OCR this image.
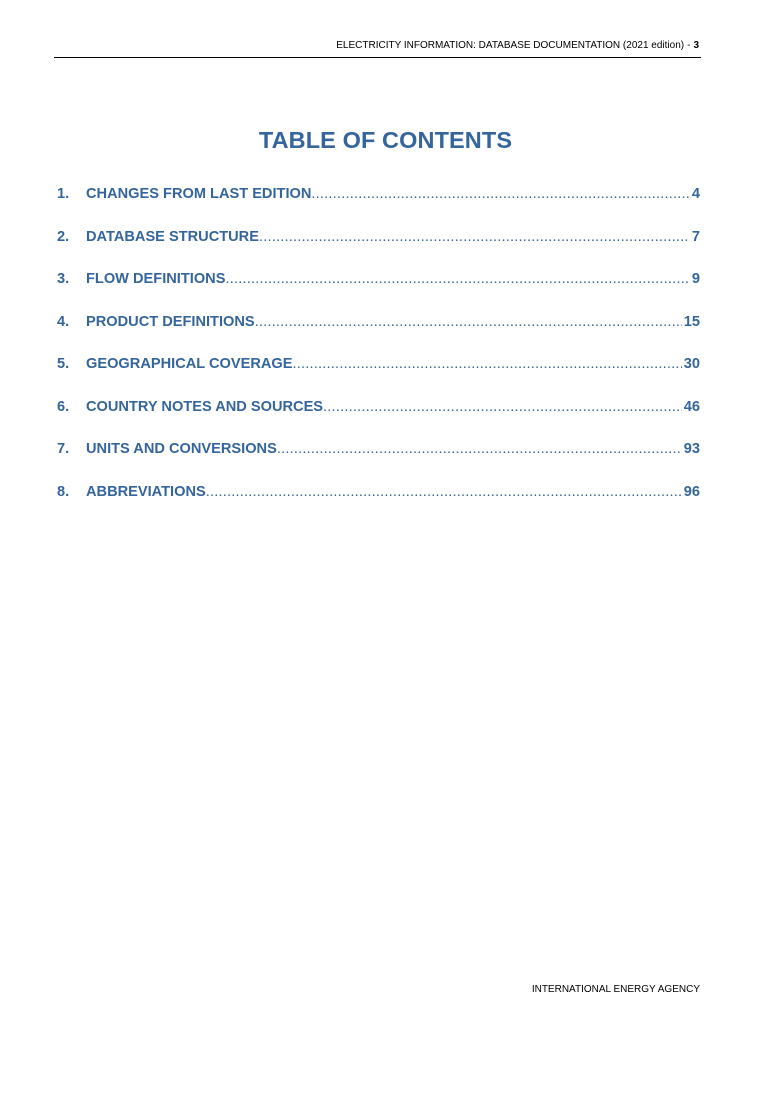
ELECTRICITY INFORMATION: DATABASE DOCUMENTATION (2021 edition) - 3
TABLE OF CONTENTS
1.	CHANGES FROM LAST EDITION .....	4
2.	DATABASE STRUCTURE .....	7
3.	FLOW DEFINITIONS .....	9
4.	PRODUCT DEFINITIONS .....	15
5.	GEOGRAPHICAL COVERAGE .....	30
6.	COUNTRY NOTES AND SOURCES .....	46
7.	UNITS AND CONVERSIONS .....	93
8.	ABBREVIATIONS .....	96
INTERNATIONAL ENERGY AGENCY
